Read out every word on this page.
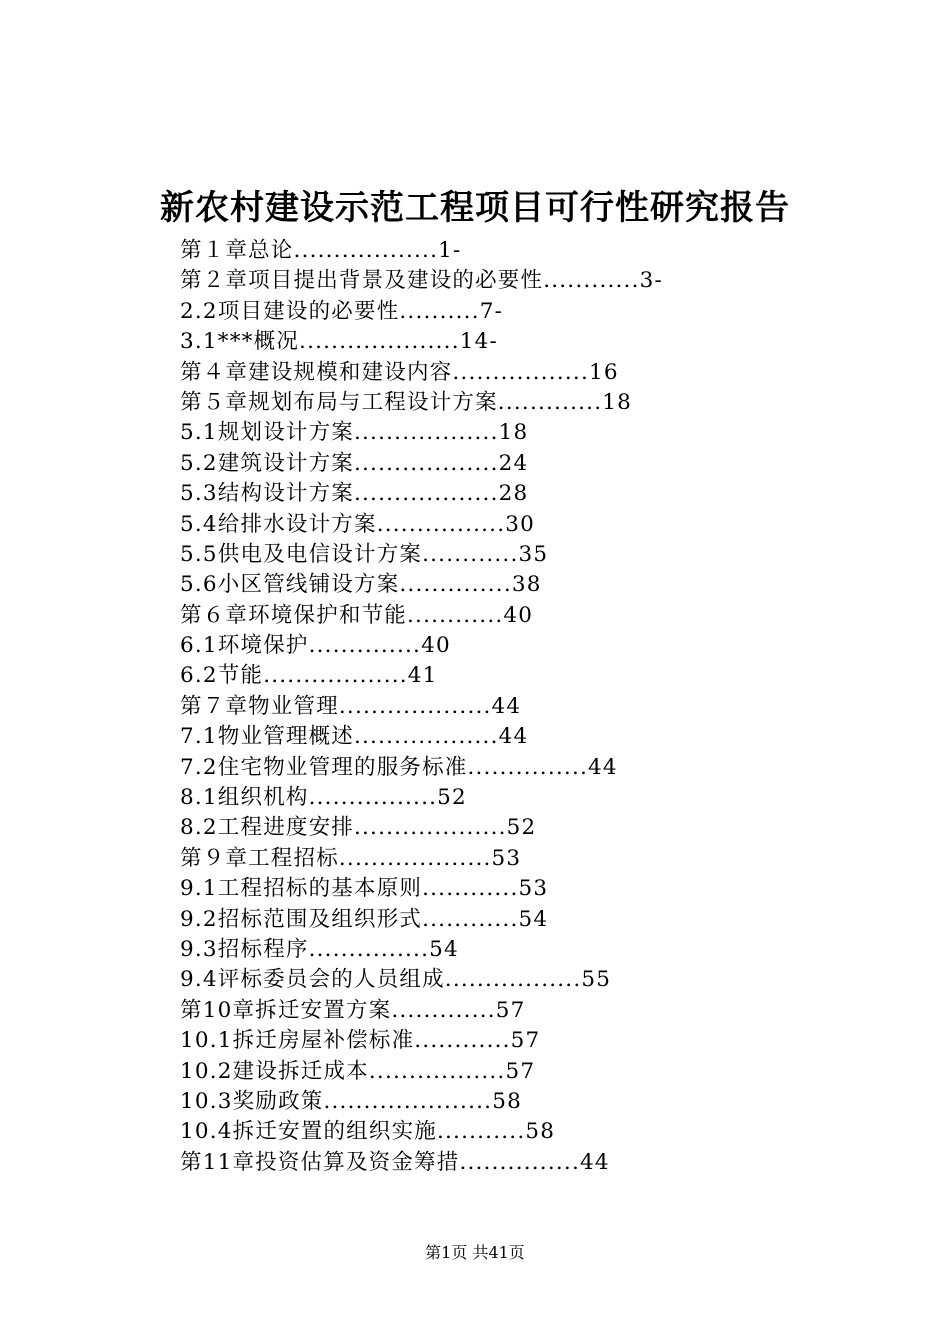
新农村建设示范工程项目可行性研究报告
第１章总论..................1-
第２章项目提出背景及建设的必要性............3-
2.2项目建设的必要性..........7-
3.1***概况....................14-
第４章建设规模和建设内容.................16
第５章规划布局与工程设计方案.............18
5.1规划设计方案..................18
5.2建筑设计方案..................24
5.3结构设计方案..................28
5.4给排水设计方案................30
5.5供电及电信设计方案............35
5.6小区管线铺设方案..............38
第６章环境保护和节能............40
6.1环境保护..............40
6.2节能..................41
第７章物业管理...................44
7.1物业管理概述..................44
7.2住宅物业管理的服务标准...............44
8.1组织机构................52
8.2工程进度安排...................52
第９章工程招标...................53
9.1工程招标的基本原则............53
9.2招标范围及组织形式............54
9.3招标程序...............54
9.4评标委员会的人员组成.................55
第10章拆迁安置方案.............57
10.1拆迁房屋补偿标准............57
10.2建设拆迁成本.................57
10.3奖励政策.....................58
10.4拆迁安置的组织实施...........58
第11章投资估算及资金筹措...............44
第1页 共41页
